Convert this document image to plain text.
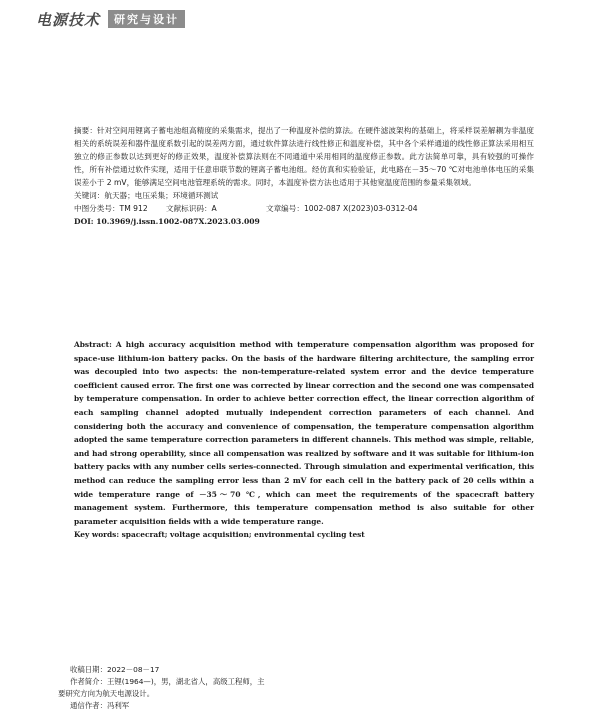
电源技术	研究与设计

摘要：针对空间用锂离子蓄电池组高精度的采集需求，提出了一种温度补偿的算法。在硬件滤波架构的基础上，将采样误差解耦为非温度相关的系统误差和器件温度系数引起的误差两方面，通过软件算法进行线性修正和温度补偿，其中各个采样通道的线性修正算法采用相互独立的修正参数以达到更好的修正效果，温度补偿算法则在不同通道中采用相同的温度修正参数。此方法简单可靠，具有较强的可操作性，所有补偿通过软件实现，适用于任意串联节数的锂离子蓄电池组。经仿真和实验验证，此电路在－35～70 ℃对电池单体电压的采集误差小于 2 mV，能够满足空间电池管理系统的需求。同时，本温度补偿方法也适用于其他宽温度范围的参量采集领域。

关键词：航天器；电压采集；环境循环测试

中图分类号：TM 912	文献标识码：A	文章编号：1002-087 X(2023)03-0312-04

DOI: 10.3969/j.issn.1002-087X.2023.03.009

Abstract: A high accuracy acquisition method with temperature compensation algorithm was proposed for space-use lithium-ion battery packs. On the basis of the hardware filtering architecture, the sampling error was decoupled into two aspects: the non-temperature-related system error and the device temperature coefficient caused error. The first one was corrected by linear correction and the second one was compensated by temperature compensation. In order to achieve better correction effect, the linear correction algorithm of each sampling channel adopted mutually independent correction parameters of each channel. And considering both the accuracy and convenience of compensation, the temperature compensation algorithm adopted the same temperature correction parameters in different channels. This method was simple, reliable, and had strong operability, since all compensation was realized by software and it was suitable for lithium-ion battery packs with any number cells series-connected. Through simulation and experimental verification, this method can reduce the sampling error less than 2 mV for each cell in the battery pack of 20 cells within a wide temperature range of －35～70 ℃, which can meet the requirements of the spacecraft battery management system. Furthermore, this temperature compensation method is also suitable for other parameter acquisition fields with a wide temperature range.

Key words: spacecraft; voltage acquisition; environmental cycling test

收稿日期：2022－08－17

作者简介：王锂(1964—)，男，湖北省人，高级工程师，主

要研究方向为航天电源设计。

通信作者：冯利军
